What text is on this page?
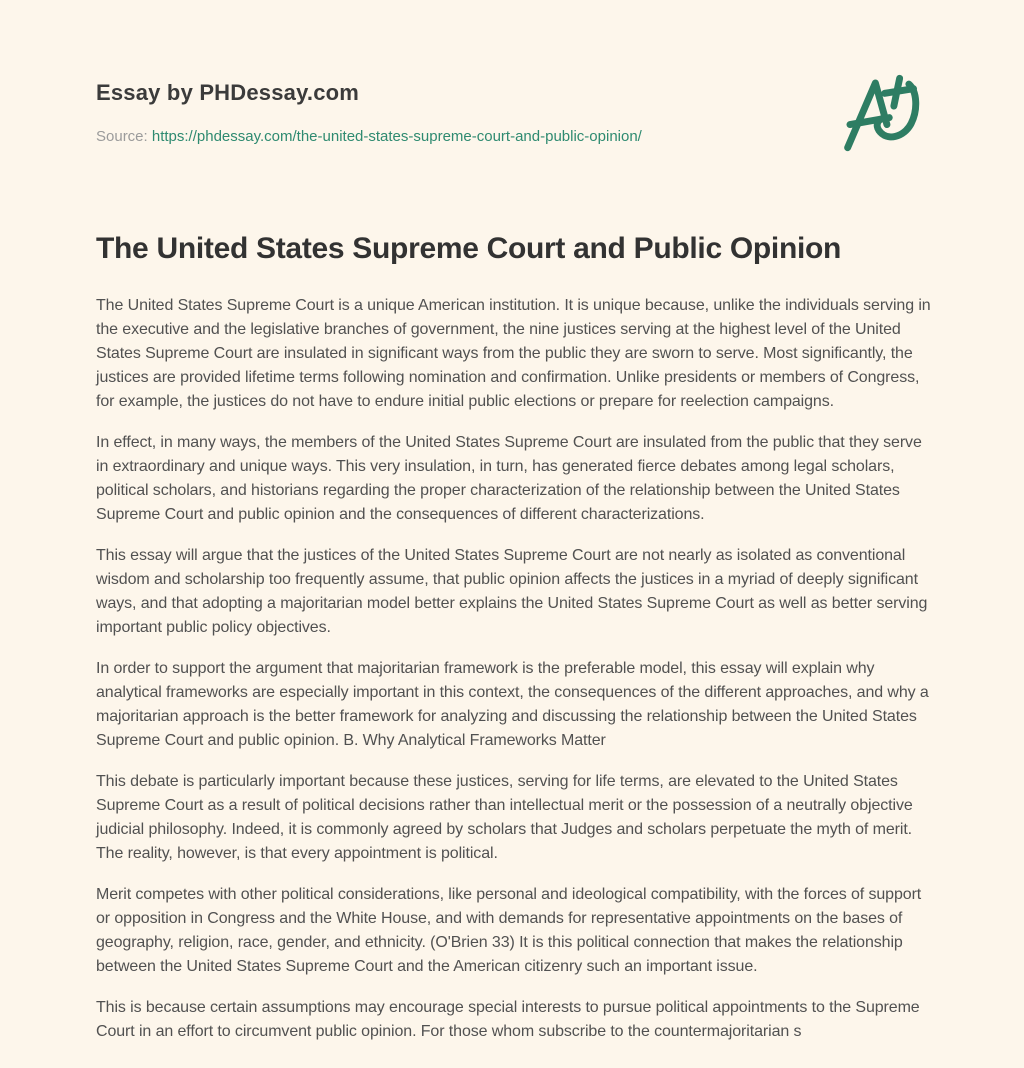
Essay by PHDessay.com
Source: https://phdessay.com/the-united-states-supreme-court-and-public-opinion/
The United States Supreme Court and Public Opinion

The United States Supreme Court is a unique American institution. It is unique because, unlike the individuals serving in the executive and the legislative branches of government, the nine justices serving at the highest level of the United States Supreme Court are insulated in significant ways from the public they are sworn to serve. Most significantly, the justices are provided lifetime terms following nomination and confirmation. Unlike presidents or members of Congress, for example, the justices do not have to endure initial public elections or prepare for reelection campaigns.

In effect, in many ways, the members of the United States Supreme Court are insulated from the public that they serve in extraordinary and unique ways. This very insulation, in turn, has generated fierce debates among legal scholars, political scholars, and historians regarding the proper characterization of the relationship between the United States Supreme Court and public opinion and the consequences of different characterizations.

This essay will argue that the justices of the United States Supreme Court are not nearly as isolated as conventional wisdom and scholarship too frequently assume, that public opinion affects the justices in a myriad of deeply significant ways, and that adopting a majoritarian model better explains the United States Supreme Court as well as better serving important public policy objectives.

In order to support the argument that majoritarian framework is the preferable model, this essay will explain why analytical frameworks are especially important in this context, the consequences of the different approaches, and why a majoritarian approach is the better framework for analyzing and discussing the relationship between the United States Supreme Court and public opinion. B. Why Analytical Frameworks Matter

This debate is particularly important because these justices, serving for life terms, are elevated to the United States Supreme Court as a result of political decisions rather than intellectual merit or the possession of a neutrally objective judicial philosophy. Indeed, it is commonly agreed by scholars that Judges and scholars perpetuate the myth of merit. The reality, however, is that every appointment is political.

Merit competes with other political considerations, like personal and ideological compatibility, with the forces of support or opposition in Congress and the White House, and with demands for representative appointments on the bases of geography, religion, race, gender, and ethnicity. (O'Brien 33) It is this political connection that makes the relationship between the United States Supreme Court and the American citizenry such an important issue.

This is because certain assumptions may encourage special interests to pursue political appointments to the Supreme Court in an effort to circumvent public opinion. For those whom subscribe to the countermajoritarian s
